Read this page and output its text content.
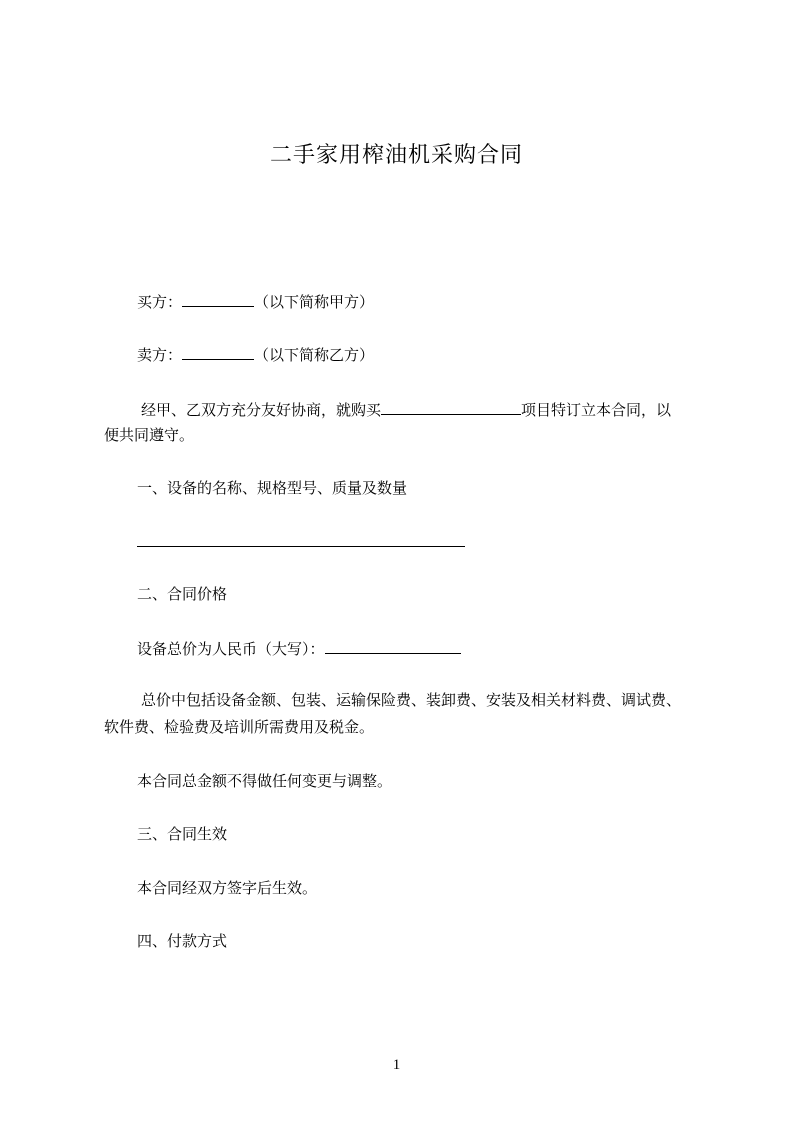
二手家用榨油机采购合同
买方：	（以下简称甲方）
卖方：	（以下简称乙方）
经甲、乙双方充分友好协商，就购买	项目特订立本合同，以
便共同遵守。
一、设备的名称、规格型号、质量及数量
二、合同价格
设备总价为人民币（大写）：
总价中包括设备金额、包装、运输保险费、装卸费、安装及相关材料费、调试费、
软件费、检验费及培训所需费用及税金。
本合同总金额不得做任何变更与调整。
三、合同生效
本合同经双方签字后生效。
四、付款方式
1
